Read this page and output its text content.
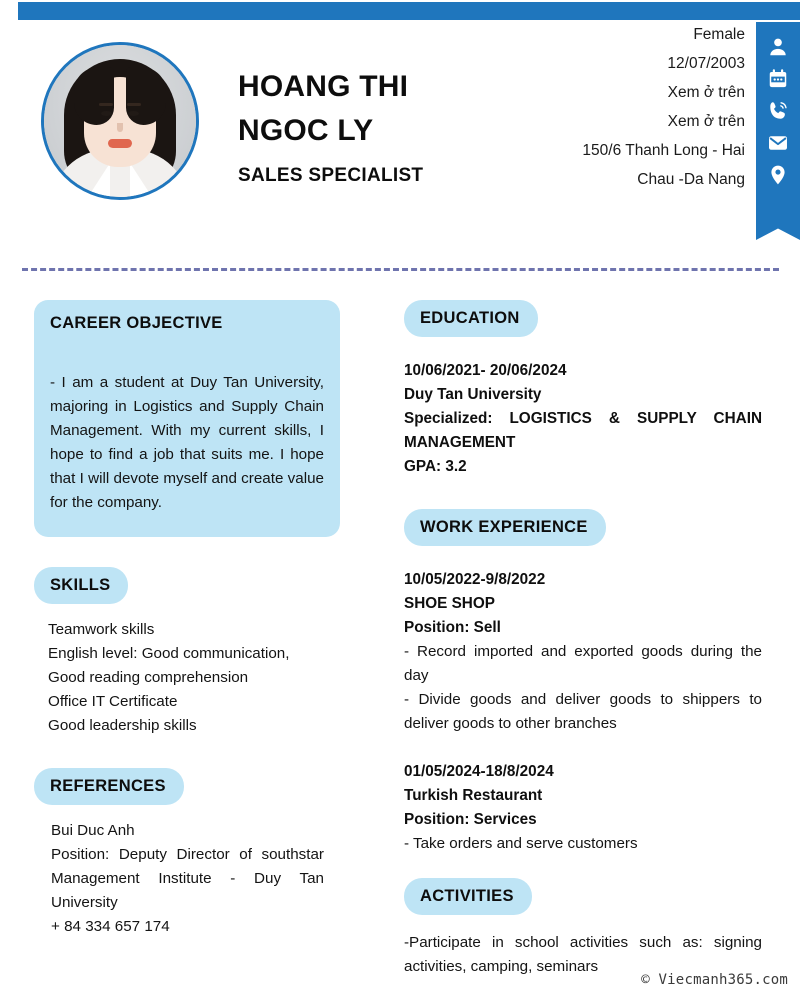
HOANG THI
NGOC LY
SALES SPECIALIST
Female
12/07/2003
Xem ở trên
Xem ở trên
150/6 Thanh Long - Hai
Chau -Da Nang
CAREER OBJECTIVE
- I am a student at Duy Tan University, majoring in Logistics and Supply Chain Management. With my current skills, I hope to find a job that suits me. I hope that I will devote myself and create value for the company.
SKILLS
Teamwork skills
English level: Good communication,
Good reading comprehension
Office IT Certificate
Good leadership skills
REFERENCES
Bui Duc Anh
Position: Deputy Director of southstar Management Institute - Duy Tan University
+ 84 334 657 174
EDUCATION
10/06/2021- 20/06/2024
Duy Tan University
Specialized: LOGISTICS & SUPPLY CHAIN MANAGEMENT
GPA: 3.2
WORK EXPERIENCE
10/05/2022-9/8/2022
SHOE SHOP
Position: Sell
- Record imported and exported goods during the day
- Divide goods and deliver goods to shippers to deliver goods to other branches
01/05/2024-18/8/2024
Turkish Restaurant
Position: Services
- Take orders and serve customers
ACTIVITIES
-Participate in school activities such as: signing activities, camping, seminars
© Viecmanh365.com
